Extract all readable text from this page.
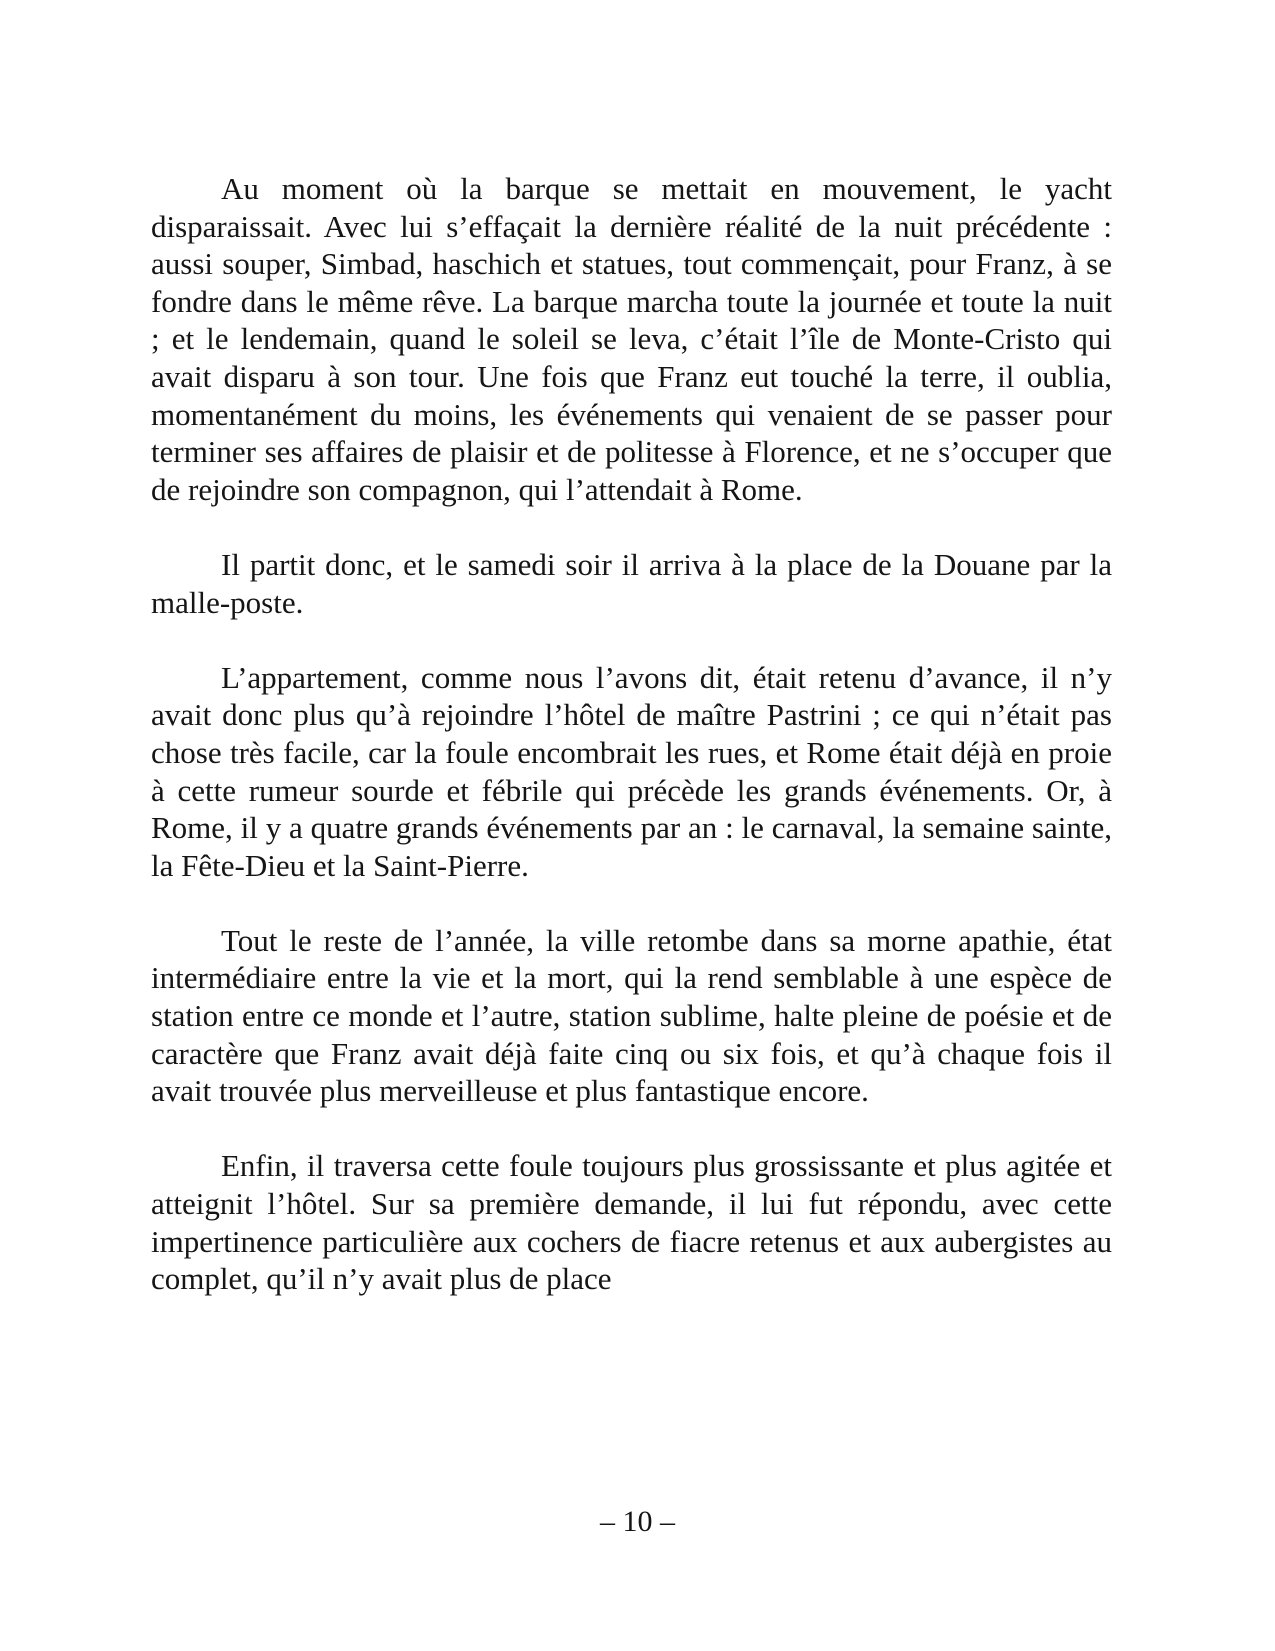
Au moment où la barque se mettait en mouvement, le yacht disparaissait. Avec lui s’effaçait la dernière réalité de la nuit précédente : aussi souper, Simbad, haschich et statues, tout commençait, pour Franz, à se fondre dans le même rêve. La barque marcha toute la journée et toute la nuit ; et le lendemain, quand le soleil se leva, c’était l’île de Monte-Cristo qui avait disparu à son tour. Une fois que Franz eut touché la terre, il oublia, momentanément du moins, les événements qui venaient de se passer pour terminer ses affaires de plaisir et de politesse à Florence, et ne s’occuper que de rejoindre son compagnon, qui l’attendait à Rome.

Il partit donc, et le samedi soir il arriva à la place de la Douane par la malle-poste.

L’appartement, comme nous l’avons dit, était retenu d’avance, il n’y avait donc plus qu’à rejoindre l’hôtel de maître Pastrini ; ce qui n’était pas chose très facile, car la foule encombrait les rues, et Rome était déjà en proie à cette rumeur sourde et fébrile qui précède les grands événements. Or, à Rome, il y a quatre grands événements par an : le carnaval, la semaine sainte, la Fête-Dieu et la Saint-Pierre.

Tout le reste de l’année, la ville retombe dans sa morne apathie, état intermédiaire entre la vie et la mort, qui la rend semblable à une espèce de station entre ce monde et l’autre, station sublime, halte pleine de poésie et de caractère que Franz avait déjà faite cinq ou six fois, et qu’à chaque fois il avait trouvée plus merveilleuse et plus fantastique encore.

Enfin, il traversa cette foule toujours plus grossissante et plus agitée et atteignit l’hôtel. Sur sa première demande, il lui fut répondu, avec cette impertinence particulière aux cochers de fiacre retenus et aux aubergistes au complet, qu’il n’y avait plus de place

– 10 –
